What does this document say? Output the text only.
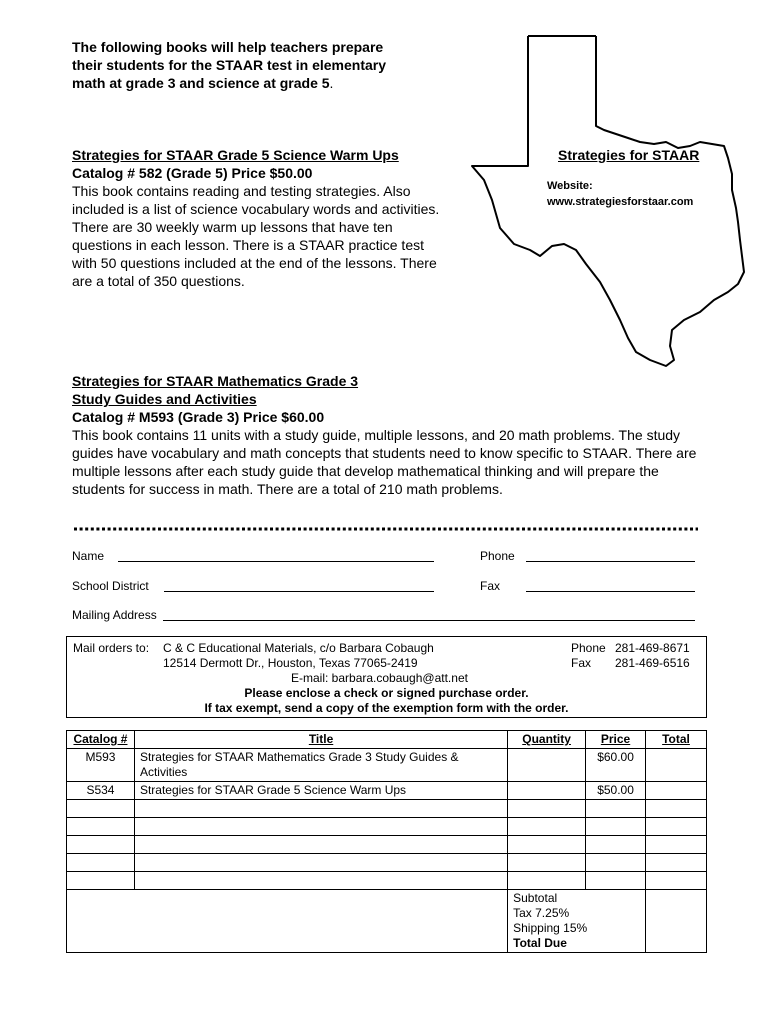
The following books will help teachers prepare
their students for the STAAR test in elementary
math at grade 3 and science at grade 5.
Strategies for STAAR
Website:
www.strategiesforstaar.com
Strategies for STAAR Grade 5 Science Warm Ups
Catalog # 582 (Grade 5) Price $50.00
This book contains reading and testing strategies. Also included is a list of science vocabulary words and activities. There are 30 weekly warm up lessons that have ten questions in each lesson. There is a STAAR practice test with 50 questions included at the end of the lessons. There are a total of 350 questions.
Strategies for STAAR Mathematics Grade 3
Study Guides and Activities
Catalog # M593 (Grade 3) Price $60.00
This book contains 11 units with a study guide, multiple lessons, and 20 math problems. The study guides have vocabulary and math concepts that students need to know specific to STAAR. There are multiple lessons after each study guide that develop mathematical thinking and will prepare the students for success in math. There are a total of 210 math problems.
Name	Phone
School District	Fax
Mailing Address
Mail orders to: C & C Educational Materials, c/o Barbara Cobaugh
12514 Dermott Dr., Houston, Texas 77065-2419
E-mail: barbara.cobaugh@att.net
Phone 281-469-8671
Fax 281-469-6516
Please enclose a check or signed purchase order.
If tax exempt, send a copy of the exemption form with the order.
Catalog #	Title	Quantity	Price	Total
M593	Strategies for STAAR Mathematics Grade 3 Study Guides & Activities		$60.00	
S534	Strategies for STAAR Grade 5 Science Warm Ups		$50.00	

		Subtotal
Tax 7.25%
Shipping 15%
Total Due		
